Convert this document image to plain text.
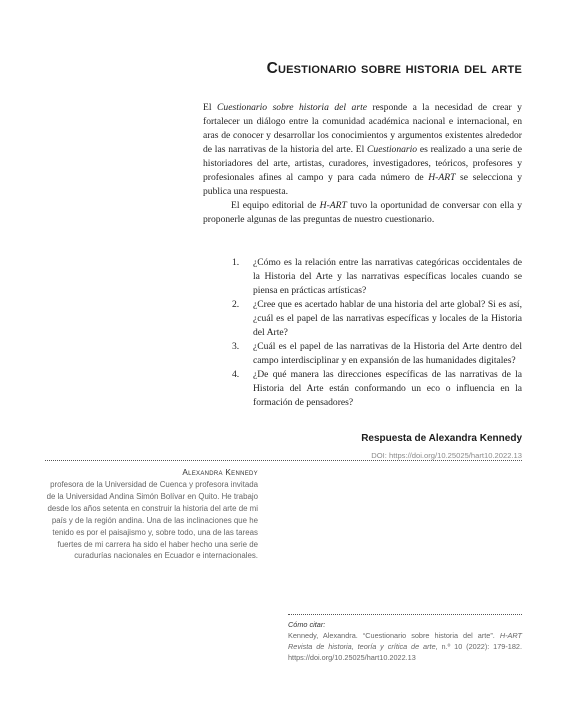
Cuestionario sobre historia del arte

El Cuestionario sobre historia del arte responde a la necesidad de crear y fortalecer un diálogo entre la comunidad académica nacional e internacional, en aras de conocer y desarrollar los conocimientos y argumentos existentes alrededor de las narrativas de la historia del arte. El Cuestionario es realizado a una serie de historiadores del arte, artistas, curadores, investigadores, teóricos, profesores y profesionales afines al campo y para cada número de H-ART se selecciona y publica una respuesta.

El equipo editorial de H-ART tuvo la oportunidad de conversar con ella y proponerle algunas de las preguntas de nuestro cuestionario.

1. ¿Cómo es la relación entre las narrativas categóricas occidentales de la Historia del Arte y las narrativas específicas locales cuando se piensa en prácticas artísticas?
2. ¿Cree que es acertado hablar de una historia del arte global? Si es así, ¿cuál es el papel de las narrativas específicas y locales de la Historia del Arte?
3. ¿Cuál es el papel de las narrativas de la Historia del Arte dentro del campo interdisciplinar y en expansión de las humanidades digitales?
4. ¿De qué manera las direcciones específicas de las narrativas de la Historia del Arte están conformando un eco o influencia en la formación de pensadores?
Respuesta de Alexandra Kennedy
DOI: https://doi.org/10.25025/hart10.2022.13
Alexandra Kennedy
profesora de la Universidad de Cuenca y profesora invitada de la Universidad Andina Simón Bolívar en Quito. He trabajo desde los años setenta en construir la historia del arte de mi país y de la región andina. Una de las inclinaciones que he tenido es por el paisajismo y, sobre todo, una de las tareas fuertes de mi carrera ha sido el haber hecho una serie de curadurías nacionales en Ecuador e internacionales.
Cómo citar:
Kennedy, Alexandra. “Cuestionario sobre historia del arte”. H-ART Revista de historia, teoría y crítica de arte, n.º 10 (2022): 179-182. https://doi.org/10.25025/hart10.2022.13
